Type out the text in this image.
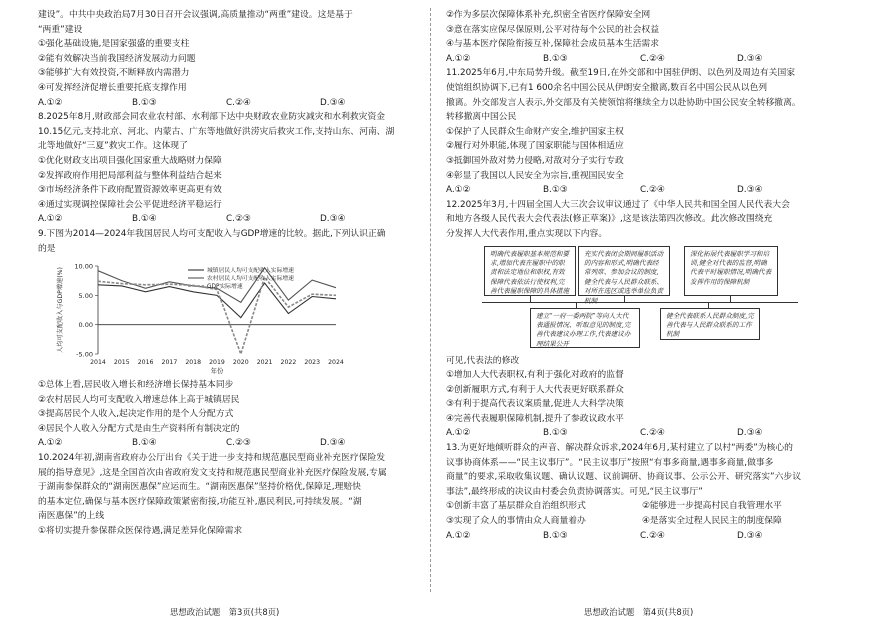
建设”。中共中央政治局7月30日召开会议强调,高质量推动“两重”建设。这是基于

“两重”建设

①强化基础设施,是国家强盛的重要支柱

②能有效解决当前我国经济发展动力问题

③能够扩大有效投资,不断释放内需潜力

④可发挥经济促增长重要托底支撑作用

A.①②	B.①③	C.②④	D.③④

8.2025年8月,财政部会同农业农村部、水利部下达中央财政农业防灾减灾和水利救灾资金

10.15亿元,支持北京、河北、内蒙古、广东等地做好洪涝灾后救灾工作,支持山东、河南、湖

北等地做好“三夏”救灾工作。这体现了

①优化财政支出项目强化国家重大战略财力保障

②发挥政府作用把局部利益与整体利益结合起来

③市场经济条件下政府配置资源效率更高更有效

④通过实现调控保障社会公平促进经济平稳运行

A.①②	B.①④	C.②③	D.③④

9.下图为2014—2024年我国居民人均可支配收入与GDP增速的比较。据此,下列认识正确

的是

10.00
5.00
0.00
-5.00
2014 2015 2016 2017 2018 2019 2020 2021 2022 2023 2024
年份
人均可支配收入与GDP增速(%)	城镇居民人均可支配收入实际增速
农村居民人均可支配收入实际增速
GDP实际增速

①总体上看,居民收入增长和经济增长保持基本同步

②农村居民人均可支配收入增速总体上高于城镇居民

③提高居民个人收入,起决定作用的是个人分配方式

④居民个人收入分配方式是由生产资料所有制决定的

A.①②	B.①④	C.②③	D.③④

10.2024年初,湖南省政府办公厅出台《关于进一步支持和规范惠民型商业补充医疗保险发

展的指导意见》,这是全国首次由省政府发文支持和规范惠民型商业补充医疗保险发展,专属

于湖南参保群众的“湖南医惠保”应运而生。“湖南医惠保”坚持价格优,保障足,理赔快

的基本定位,确保与基本医疗保障政策紧密衔接,功能互补,惠民利民,可持续发展。“湖

南医惠保”的上线

①将切实提升参保群众医保待遇,满足差异化保障需求

②作为多层次保障体系补充,织密全省医疗保障安全网

③意在落实应保尽保原则,公平对待每个公民的社会权益

④与基本医疗保险衔接互补,保障社会成员基本生活需求

A.①②	B.①③	C.②④	D.③④

11.2025年6月,中东局势升级。截至19日,在外交部和中国驻伊朗、以色列及周边有关国家

使馆组织协调下,已有1 600余名中国公民从伊朗安全撤离,数百名中国公民从以色列

撤离。外交部发言人表示,外交部及有关使领馆将继续全力以赴协助中国公民安全转移撤离。

转移撤离中国公民

①保护了人民群众生命财产安全,维护国家主权

②履行对外职能,体现了国家职能与国体相适应

③抵御国外敌对势力侵略,对敌对分子实行专政

④彰显了我国以人民安全为宗旨,重视国民安全

A.①②	B.①③	C.②④	D.③④

12.2025年3月,十四届全国人大三次会议审议通过了《中华人民共和国全国人民代表大会

和地方各级人民代表大会代表法(修正草案)》,这是该法第四次修改。此次修改围绕充

分发挥人大代表作用,重点实现以下内容。

明确代表履职基本规范和要求,增加代表在履职中的职责和法定地位和职权,有效保障代表依法行使权利,完善代表履职保障的具体措施
充实代表闭会期间履职活动的内容和形式,明确代表经常列席、参加会议的制度,健全代表与人民群众联系、对所在选区或选举单位负责机制
深化拓展代表履职学习和培训,健全对代表的监督,明确代表平时履职情况,明确代表发挥作用的保障机制
建立“一府一委两院”等向人大代表通报情况、听取意见的制度,完善代表建议办理工作,代表建议办理结果公开
健全代表联系人民群众制度,完善代表与人民群众联系的工作机制

可见,代表法的修改

①增加人大代表职权,有利于强化对政府的监督

②创新履职方式,有利于人大代表更好联系群众

③有利于提高代表议案质量,促进人大科学决策

④完善代表履职保障机制,提升了参政议政水平

A.①②	B.①③	C.②④	D.③④

13.为更好地倾听群众的声音、解决群众诉求,2024年6月,某村建立了以村“两委”为核心的

议事协商体系——“民主议事厅”。“民主议事厅”按照“有事多商量,遇事多商量,做事多

商量”的要求,采取收集议题、确认议题、议前调研、协商议事、公示公开、研究落实”六步议

事法”,最终形成的决议由村委会负责协调落实。可见,“民主议事厅”

①创新丰富了基层群众自治组织形式	②能够进一步提高村民自我管理水平
③实现了众人的事情由众人商量着办	④是落实全过程人民民主的制度保障
A.①②	B.①③	C.②④	D.③④
思想政治试题　第3页(共8页)	思想政治试题　第4页(共8页)
